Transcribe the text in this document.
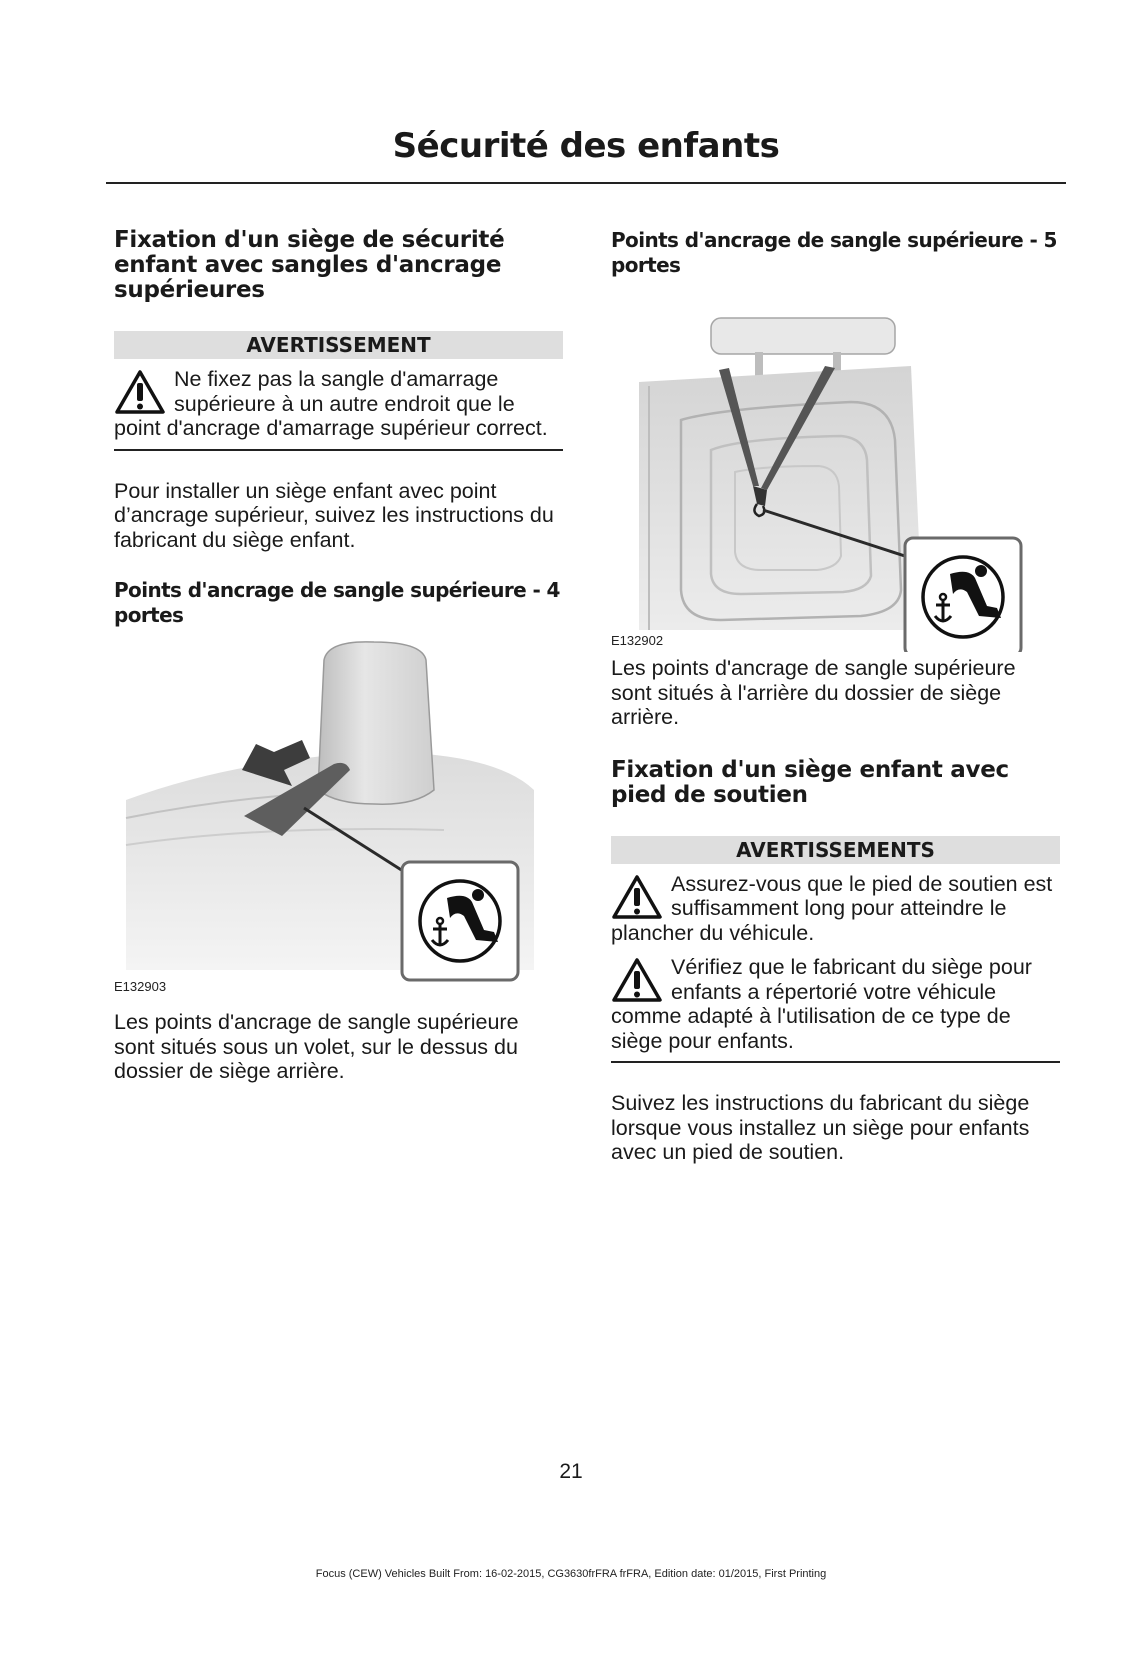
Sécurité des enfants
Fixation d'un siège de sécurité enfant avec sangles d'ancrage supérieures
AVERTISSEMENT
Ne fixez pas la sangle d'amarrage supérieure à un autre endroit que le point d'ancrage d'amarrage supérieur correct.

Pour installer un siège enfant avec point d’ancrage supérieur, suivez les instructions du fabricant du siège enfant.

Points d'ancrage de sangle supérieure - 4 portes
E132903

Les points d'ancrage de sangle supérieure sont situés sous un volet, sur le dessus du dossier de siège arrière.

Points d'ancrage de sangle supérieure - 5 portes
E132902

Les points d'ancrage de sangle supérieure sont situés à l'arrière du dossier de siège arrière.

Fixation d'un siège enfant avec pied de soutien
AVERTISSEMENTS
Assurez-vous que le pied de soutien est suffisamment long pour atteindre le plancher du véhicule.
Vérifiez que le fabricant du siège pour enfants a répertorié votre véhicule comme adapté à l'utilisation de ce type de siège pour enfants.

Suivez les instructions du fabricant du siège lorsque vous installez un siège pour enfants avec un pied de soutien.

21
Focus (CEW) Vehicles Built From: 16-02-2015, CG3630frFRA frFRA, Edition date: 01/2015, First Printing
